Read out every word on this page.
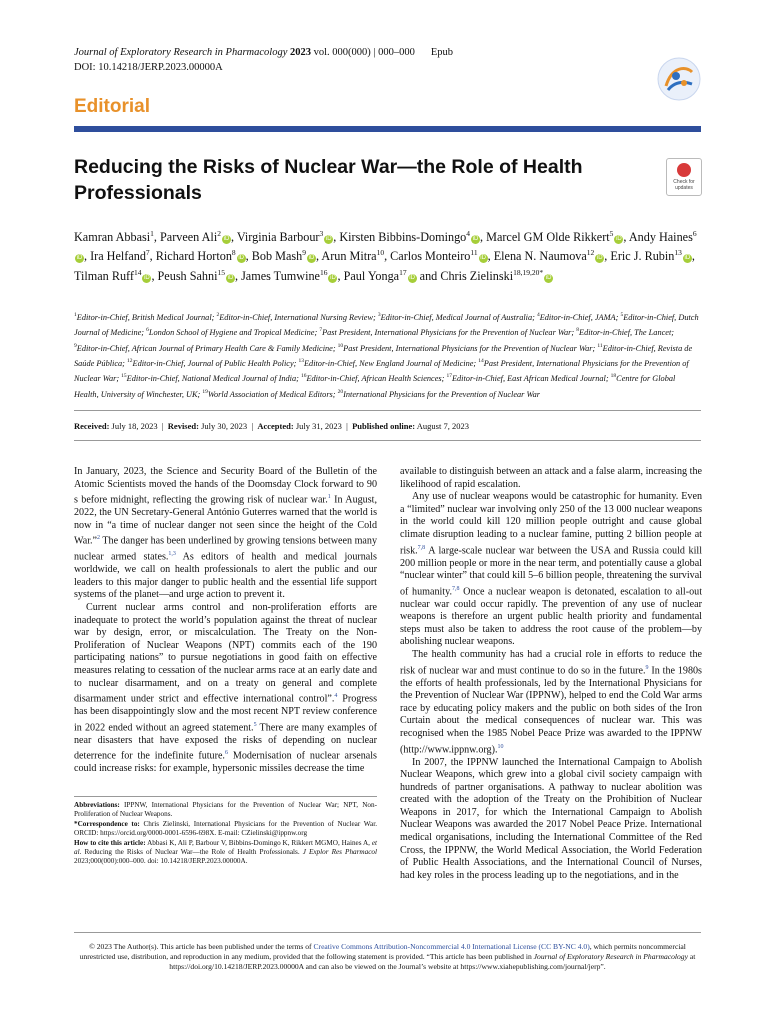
Journal of Exploratory Research in Pharmacology 2023 vol. 000(000) | 000–000 Epub
DOI: 10.14218/JERP.2023.00000A
Editorial
Reducing the Risks of Nuclear War—the Role of Health Professionals	Check for
updates
Kamran Abbasi$^1$, Parveen Ali$^2$iD , Virginia Barbour$^3$iD , Kirsten Bibbins-Domingo$^4$iD , Marcel GM Olde Rikkert$^5$iD , Andy Haines$^6$iD , Ira Helfand$^7$, Richard Horton$^8$iD , Bob Mash$^9$iD , Arun Mitra$^{10}$, Carlos Monteiro$^{11}$iD , Elena N. Naumova$^{12}$iD , Eric J. Rubin$^{13}$iD , Tilman Ruff$^{14}$iD , Peush Sahni$^{15}$iD , James Tumwine$^{16}$iD , Paul Yonga$^{17}$iD and Chris Zielinski$^{18,19,20*}$iD
$^1$Editor-in-Chief, British Medical Journal; $^2$Editor-in-Chief, International Nursing Review; $^3$Editor-in-Chief, Medical Journal of Australia; $^4$Editor-in-Chief, JAMA; $^5$Editor-in-Chief, Dutch Journal of Medicine; $^6$London School of Hygiene and Tropical Medicine; $^7$Past President, International Physicians for the Prevention of Nuclear War; $^8$Editor-in-Chief, The Lancet; $^9$Editor-in-Chief, African Journal of Primary Health Care & Family Medicine; $^{10}$Past President, International Physicians for the Prevention of Nuclear War; $^{11}$Editor-in-Chief, Revista de Saúde Pública; $^{12}$Editor-in-Chief, Journal of Public Health Policy; $^{13}$Editor-in-Chief, New England Journal of Medicine; $^{14}$Past President, International Physicians for the Prevention of Nuclear War; $^{15}$Editor-in-Chief, National Medical Journal of India; $^{16}$Editor-in-Chief, African Health Sciences; $^{17}$Editor-in-Chief, East African Medical Journal; $^{18}$Centre for Global Health, University of Winchester, UK; $^{19}$World Association of Medical Editors; $^{20}$International Physicians for the Prevention of Nuclear War
Received: July 18, 2023  |  Revised: July 30, 2023  |  Accepted: July 31, 2023  |  Published online: August 7, 2023

In January, 2023, the Science and Security Board of the Bulletin of the Atomic Scientists moved the hands of the Doomsday Clock forward to 90 s before midnight, reflecting the growing risk of nuclear war.$^1$ In August, 2022, the UN Secretary-General António Guterres warned that the world is now in “a time of nuclear danger not seen since the height of the Cold War.”$^2$ The danger has been underlined by growing tensions between many nuclear armed states.$^{1,3}$ As editors of health and medical journals worldwide, we call on health professionals to alert the public and our leaders to this major danger to public health and the essential life support systems of the planet—and urge action to prevent it.

Current nuclear arms control and non-proliferation efforts are inadequate to protect the world’s population against the threat of nuclear war by design, error, or miscalculation. The Treaty on the Non-Proliferation of Nuclear Weapons (NPT) commits each of the 190 participating nations” to pursue negotiations in good faith on effective measures relating to cessation of the nuclear arms race at an early date and to nuclear disarmament, and on a treaty on general and complete disarmament under strict and effective international control”.$^4$ Progress has been disappointingly slow and the most recent NPT review conference in 2022 ended without an agreed statement.$^5$ There are many examples of near disasters that have exposed the risks of depending on nuclear deterrence for the indefinite future.$^6$ Modernisation of nuclear arsenals could increase risks: for example, hypersonic missiles decrease the time

available to distinguish between an attack and a false alarm, increasing the likelihood of rapid escalation.

Any use of nuclear weapons would be catastrophic for humanity. Even a “limited” nuclear war involving only 250 of the 13 000 nuclear weapons in the world could kill 120 million people outright and cause global climate disruption leading to a nuclear famine, putting 2 billion people at risk.$^{7,8}$ A large-scale nuclear war between the USA and Russia could kill 200 million people or more in the near term, and potentially cause a global “nuclear winter” that could kill 5–6 billion people, threatening the survival of humanity.$^{7,8}$ Once a nuclear weapon is detonated, escalation to all-out nuclear war could occur rapidly. The prevention of any use of nuclear weapons is therefore an urgent public health priority and fundamental steps must also be taken to address the root cause of the problem—by abolishing nuclear weapons.

The health community has had a crucial role in efforts to reduce the risk of nuclear war and must continue to do so in the future.$^9$ In the 1980s the efforts of health professionals, led by the International Physicians for the Prevention of Nuclear War (IPPNW), helped to end the Cold War arms race by educating policy makers and the public on both sides of the Iron Curtain about the medical consequences of nuclear war. This was recognised when the 1985 Nobel Peace Prize was awarded to the IPPNW (http://www.ippnw.org).$^{10}$

In 2007, the IPPNW launched the International Campaign to Abolish Nuclear Weapons, which grew into a global civil society campaign with hundreds of partner organisations. A pathway to nuclear abolition was created with the adoption of the Treaty on the Prohibition of Nuclear Weapons in 2017, for which the International Campaign to Abolish Nuclear Weapons was awarded the 2017 Nobel Peace Prize. International medical organisations, including the International Committee of the Red Cross, the IPPNW, the World Medical Association, the World Federation of Public Health Associations, and the International Council of Nurses, had key roles in the process leading up to the negotiations, and in the

Abbreviations: IPPNW, International Physicians for the Prevention of Nuclear War; NPT, Non-Proliferation of Nuclear Weapons.
*Correspondence to: Chris Zielinski, International Physicians for the Prevention of Nuclear War. ORCID: https://orcid.org/0000-0001-6596-698X. E-mail: CZielinski@ippnw.org
How to cite this article: Abbasi K, Ali P, Barbour V, Bibbins-Domingo K, Rikkert MGMO, Haines A, et al. Reducing the Risks of Nuclear War—the Role of Health Professionals. J Explor Res Pharmacol 2023;000(000):000–000. doi: 10.14218/JERP.2023.00000A.
© 2023 The Author(s). This article has been published under the terms of Creative Commons Attribution-Noncommercial 4.0 International License (CC BY-NC 4.0), which permits noncommercial unrestricted use, distribution, and reproduction in any medium, provided that the following statement is provided. “This article has been published in Journal of Exploratory Research in Pharmacology at https://doi.org/10.14218/JERP.2023.00000A and can also be viewed on the Journal’s website at https://www.xiahepublishing.com/journal/jerp”.
